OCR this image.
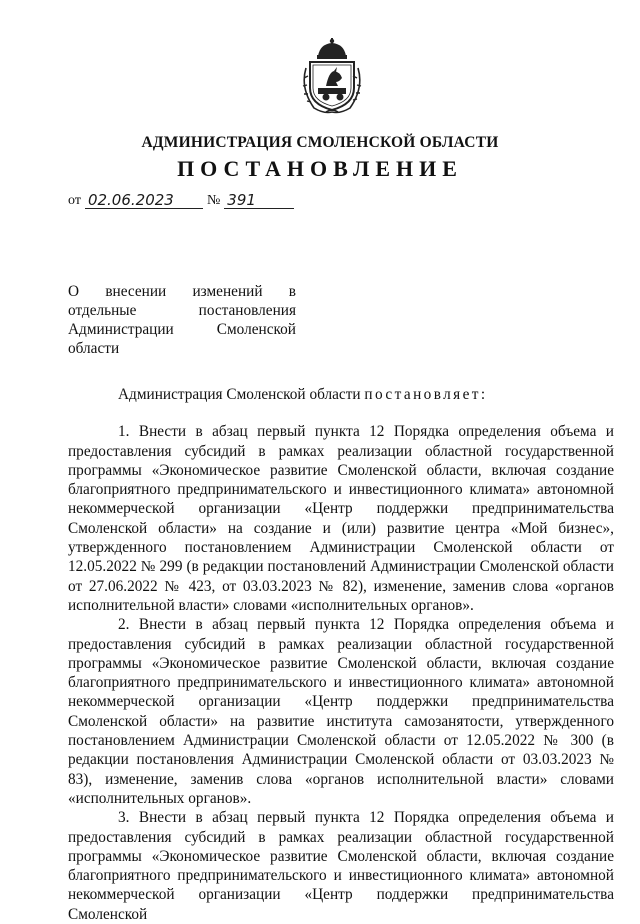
АДМИНИСТРАЦИЯ СМОЛЕНСКОЙ ОБЛАСТИ
ПОСТАНОВЛЕНИЕ
от 02.06.2023	№ 391
О внесении изменений в отдельные постановления Администрации Смоленской области

Администрация Смоленской области постановляет:

1. Внести в абзац первый пункта 12 Порядка определения объема и предоставления субсидий в рамках реализации областной государственной программы «Экономическое развитие Смоленской области, включая создание благоприятного предпринимательского и инвестиционного климата» автономной некоммерческой организации «Центр поддержки предпринимательства Смоленской области» на создание и (или) развитие центра «Мой бизнес», утвержденного постановлением Администрации Смоленской области от 12.05.2022 № 299 (в редакции постановлений Администрации Смоленской области от 27.06.2022 № 423, от 03.03.2023 № 82), изменение, заменив слова «органов исполнительной власти» словами «исполнительных органов».

2. Внести в абзац первый пункта 12 Порядка определения объема и предоставления субсидий в рамках реализации областной государственной программы «Экономическое развитие Смоленской области, включая создание благоприятного предпринимательского и инвестиционного климата» автономной некоммерческой организации «Центр поддержки предпринимательства Смоленской области» на развитие института самозанятости, утвержденного постановлением Администрации Смоленской области от 12.05.2022 № 300 (в редакции постановления Администрации Смоленской области от 03.03.2023 № 83), изменение, заменив слова «органов исполнительной власти» словами «исполнительных органов».

3. Внести в абзац первый пункта 12 Порядка определения объема и предоставления субсидий в рамках реализации областной государственной программы «Экономическое развитие Смоленской области, включая создание благоприятного предпринимательского и инвестиционного климата» автономной некоммерческой организации «Центр поддержки предпринимательства Смоленской
